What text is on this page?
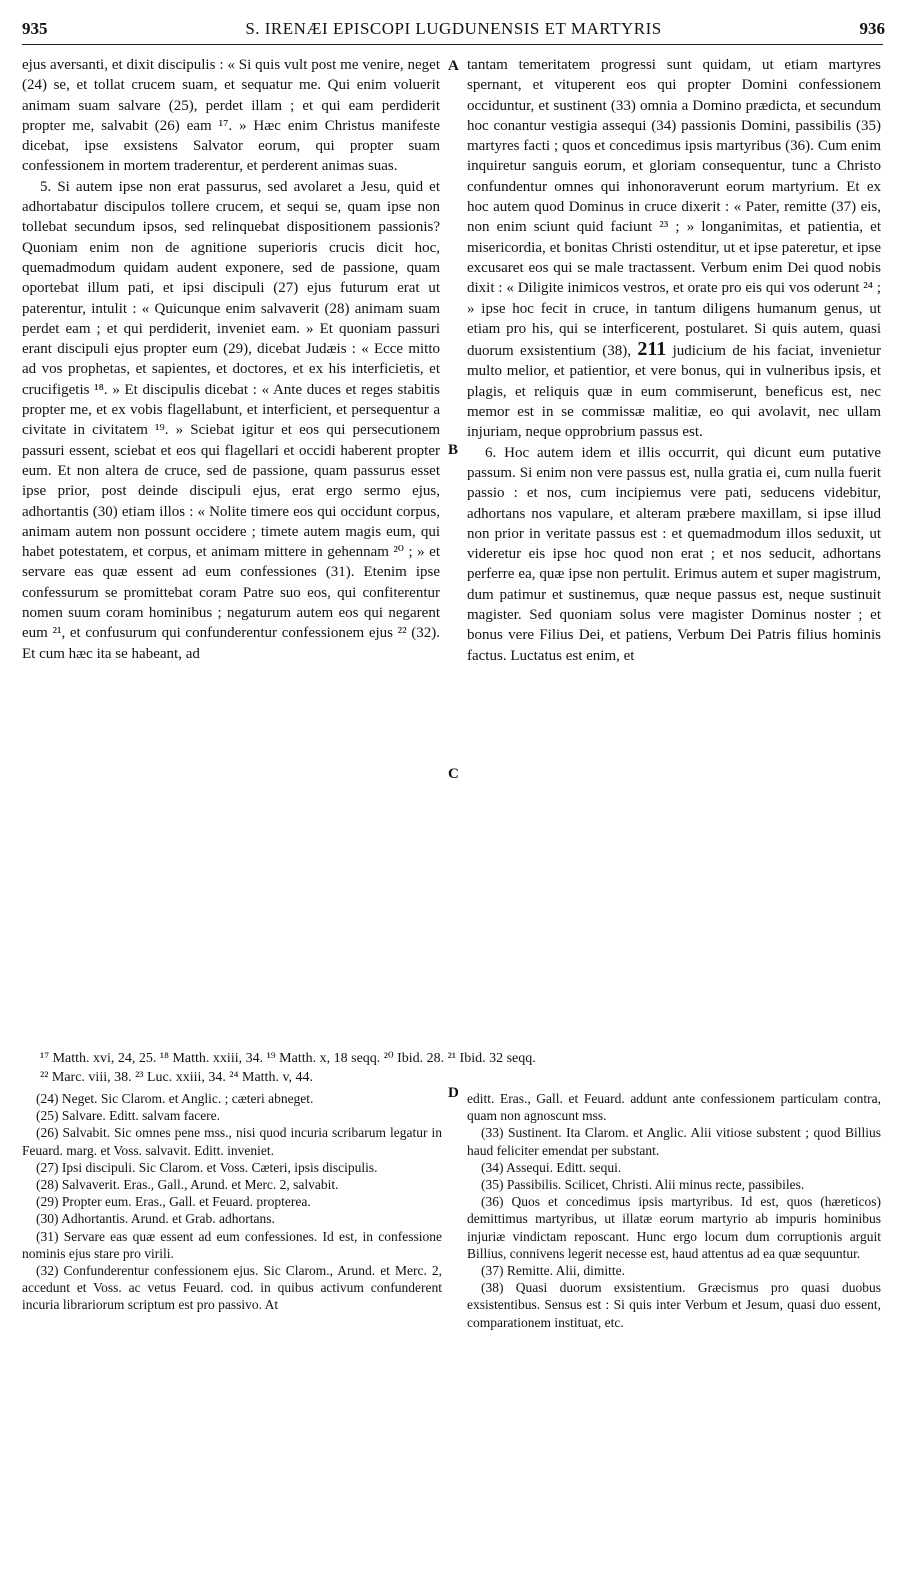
935	S. IRENÆI EPISCOPI LUGDUNENSIS ET MARTYRIS	936

ejus aversanti, et dixit discipulis : « Si quis vult post me venire, neget (24) se, et tollat crucem suam, et sequatur me. Qui enim voluerit animam suam salvare (25), perdet illam ; et qui eam perdiderit propter me, salvabit (26) eam ¹⁷. » Hæc enim Christus manifeste dicebat, ipse exsistens Salvator eorum, qui propter suam confessionem in mortem traderentur, et perderent animas suas.

5. Si autem ipse non erat passurus, sed avolaret a Jesu, quid et adhortabatur discipulos tollere crucem, et sequi se, quam ipse non tollebat secundum ipsos, sed relinquebat dispositionem passionis? Quoniam enim non de agnitione superioris crucis dicit hoc, quemadmodum quidam audent exponere, sed de passione, quam oportebat illum pati, et ipsi discipuli (27) ejus futurum erat ut paterentur, intulit : « Quicunque enim salvaverit (28) animam suam perdet eam ; et qui perdiderit, inveniet eam. » Et quoniam passuri erant discipuli ejus propter eum (29), dicebat Judæis : « Ecce mitto ad vos prophetas, et sapientes, et doctores, et ex his interficietis, et crucifigetis ¹⁸. » Et discipulis dicebat : « Ante duces et reges stabitis propter me, et ex vobis flagellabunt, et interficient, et persequentur a civitate in civitatem ¹⁹. » Sciebat igitur et eos qui persecutionem passuri essent, sciebat et eos qui flagellari et occidi haberent propter eum. Et non altera de cruce, sed de passione, quam passurus esset ipse prior, post deinde discipuli ejus, erat ergo sermo ejus, adhortantis (30) etiam illos : « Nolite timere eos qui occidunt corpus, animam autem non possunt occidere ; timete autem magis eum, qui habet potestatem, et corpus, et animam mittere in gehennam ²⁰ ; » et servare eas quæ essent ad eum confessiones (31). Etenim ipse confessurum se promittebat coram Patre suo eos, qui confiterentur nomen suum coram hominibus ; negaturum autem eos qui negarent eum ²¹, et confusurum qui confunderentur confessionem ejus ²² (32). Et cum hæc ita se habeant, ad

A
B
C
D

tantam temeritatem progressi sunt quidam, ut etiam martyres spernant, et vituperent eos qui propter Domini confessionem occiduntur, et sustinent (33) omnia a Domino prædicta, et secundum hoc conantur vestigia assequi (34) passionis Domini, passibilis (35) martyres facti ; quos et concedimus ipsis martyribus (36). Cum enim inquiretur sanguis eorum, et gloriam consequentur, tunc a Christo confundentur omnes qui inhonoraverunt eorum martyrium. Et ex hoc autem quod Dominus in cruce dixerit : « Pater, remitte (37) eis, non enim sciunt quid faciunt ²³ ; » longanimitas, et patientia, et misericordia, et bonitas Christi ostenditur, ut et ipse pateretur, et ipse excusaret eos qui se male tractassent. Verbum enim Dei quod nobis dixit : « Diligite inimicos vestros, et orate pro eis qui vos oderunt ²⁴ ; » ipse hoc fecit in cruce, in tantum diligens humanum genus, ut etiam pro his, qui se interficerent, postularet. Si quis autem, quasi duorum exsistentium (38), 211 judicium de his faciat, invenietur multo melior, et patientior, et vere bonus, qui in vulneribus ipsis, et plagis, et reliquis quæ in eum commiserunt, beneficus est, nec memor est in se commissæ malitiæ, eo qui avolavit, nec ullam injuriam, neque opprobrium passus est.

6. Hoc autem idem et illis occurrit, qui dicunt eum putative passum. Si enim non vere passus est, nulla gratia ei, cum nulla fuerit passio : et nos, cum incipiemus vere pati, seducens videbitur, adhortans nos vapulare, et alteram præbere maxillam, si ipse illud non prior in veritate passus est : et quemadmodum illos seduxit, ut videretur eis ipse hoc quod non erat ; et nos seducit, adhortans perferre ea, quæ ipse non pertulit. Erimus autem et super magistrum, dum patimur et sustinemus, quæ neque passus est, neque sustinuit magister. Sed quoniam solus vere magister Dominus noster ; et bonus vere Filius Dei, et patiens, Verbum Dei Patris filius hominis factus. Luctatus est enim, et

¹⁷ Matth. xvi, 24, 25. ¹⁸ Matth. xxiii, 34. ¹⁹ Matth. x, 18 seqq. ²⁰ Ibid. 28. ²¹ Ibid. 32 seqq.
²² Marc. viii, 38. ²³ Luc. xxiii, 34. ²⁴ Matth. v, 44.

(24) Neget. Sic Clarom. et Anglic. ; cæteri abneget.

(25) Salvare. Editt. salvam facere.

(26) Salvabit. Sic omnes pene mss., nisi quod incuria scribarum legatur in Feuard. marg. et Voss. salvavit. Editt. inveniet.

(27) Ipsi discipuli. Sic Clarom. et Voss. Cæteri, ipsis discipulis.

(28) Salvaverit. Eras., Gall., Arund. et Merc. 2, salvabit.

(29) Propter eum. Eras., Gall. et Feuard. propterea.

(30) Adhortantis. Arund. et Grab. adhortans.

(31) Servare eas quæ essent ad eum confessiones. Id est, in confessione nominis ejus stare pro virili.

(32) Confunderentur confessionem ejus. Sic Clarom., Arund. et Merc. 2, accedunt et Voss. ac vetus Feuard. cod. in quibus activum confunderent incuria librariorum scriptum est pro passivo. At

editt. Eras., Gall. et Feuard. addunt ante confessionem particulam contra, quam non agnoscunt mss.

(33) Sustinent. Ita Clarom. et Anglic. Alii vitiose substent ; quod Billius haud feliciter emendat per substant.

(34) Assequi. Editt. sequi.

(35) Passibilis. Scilicet, Christi. Alii minus recte, passibiles.

(36) Quos et concedimus ipsis martyribus. Id est, quos (hæreticos) demittimus martyribus, ut illatæ eorum martyrio ab impuris hominibus injuriæ vindictam reposcant. Hunc ergo locum dum corruptionis arguit Billius, connivens legerit necesse est, haud attentus ad ea quæ sequuntur.

(37) Remitte. Alii, dimitte.

(38) Quasi duorum exsistentium. Græcismus pro quasi duobus exsistentibus. Sensus est : Si quis inter Verbum et Jesum, quasi duo essent, comparationem instituat, etc.
